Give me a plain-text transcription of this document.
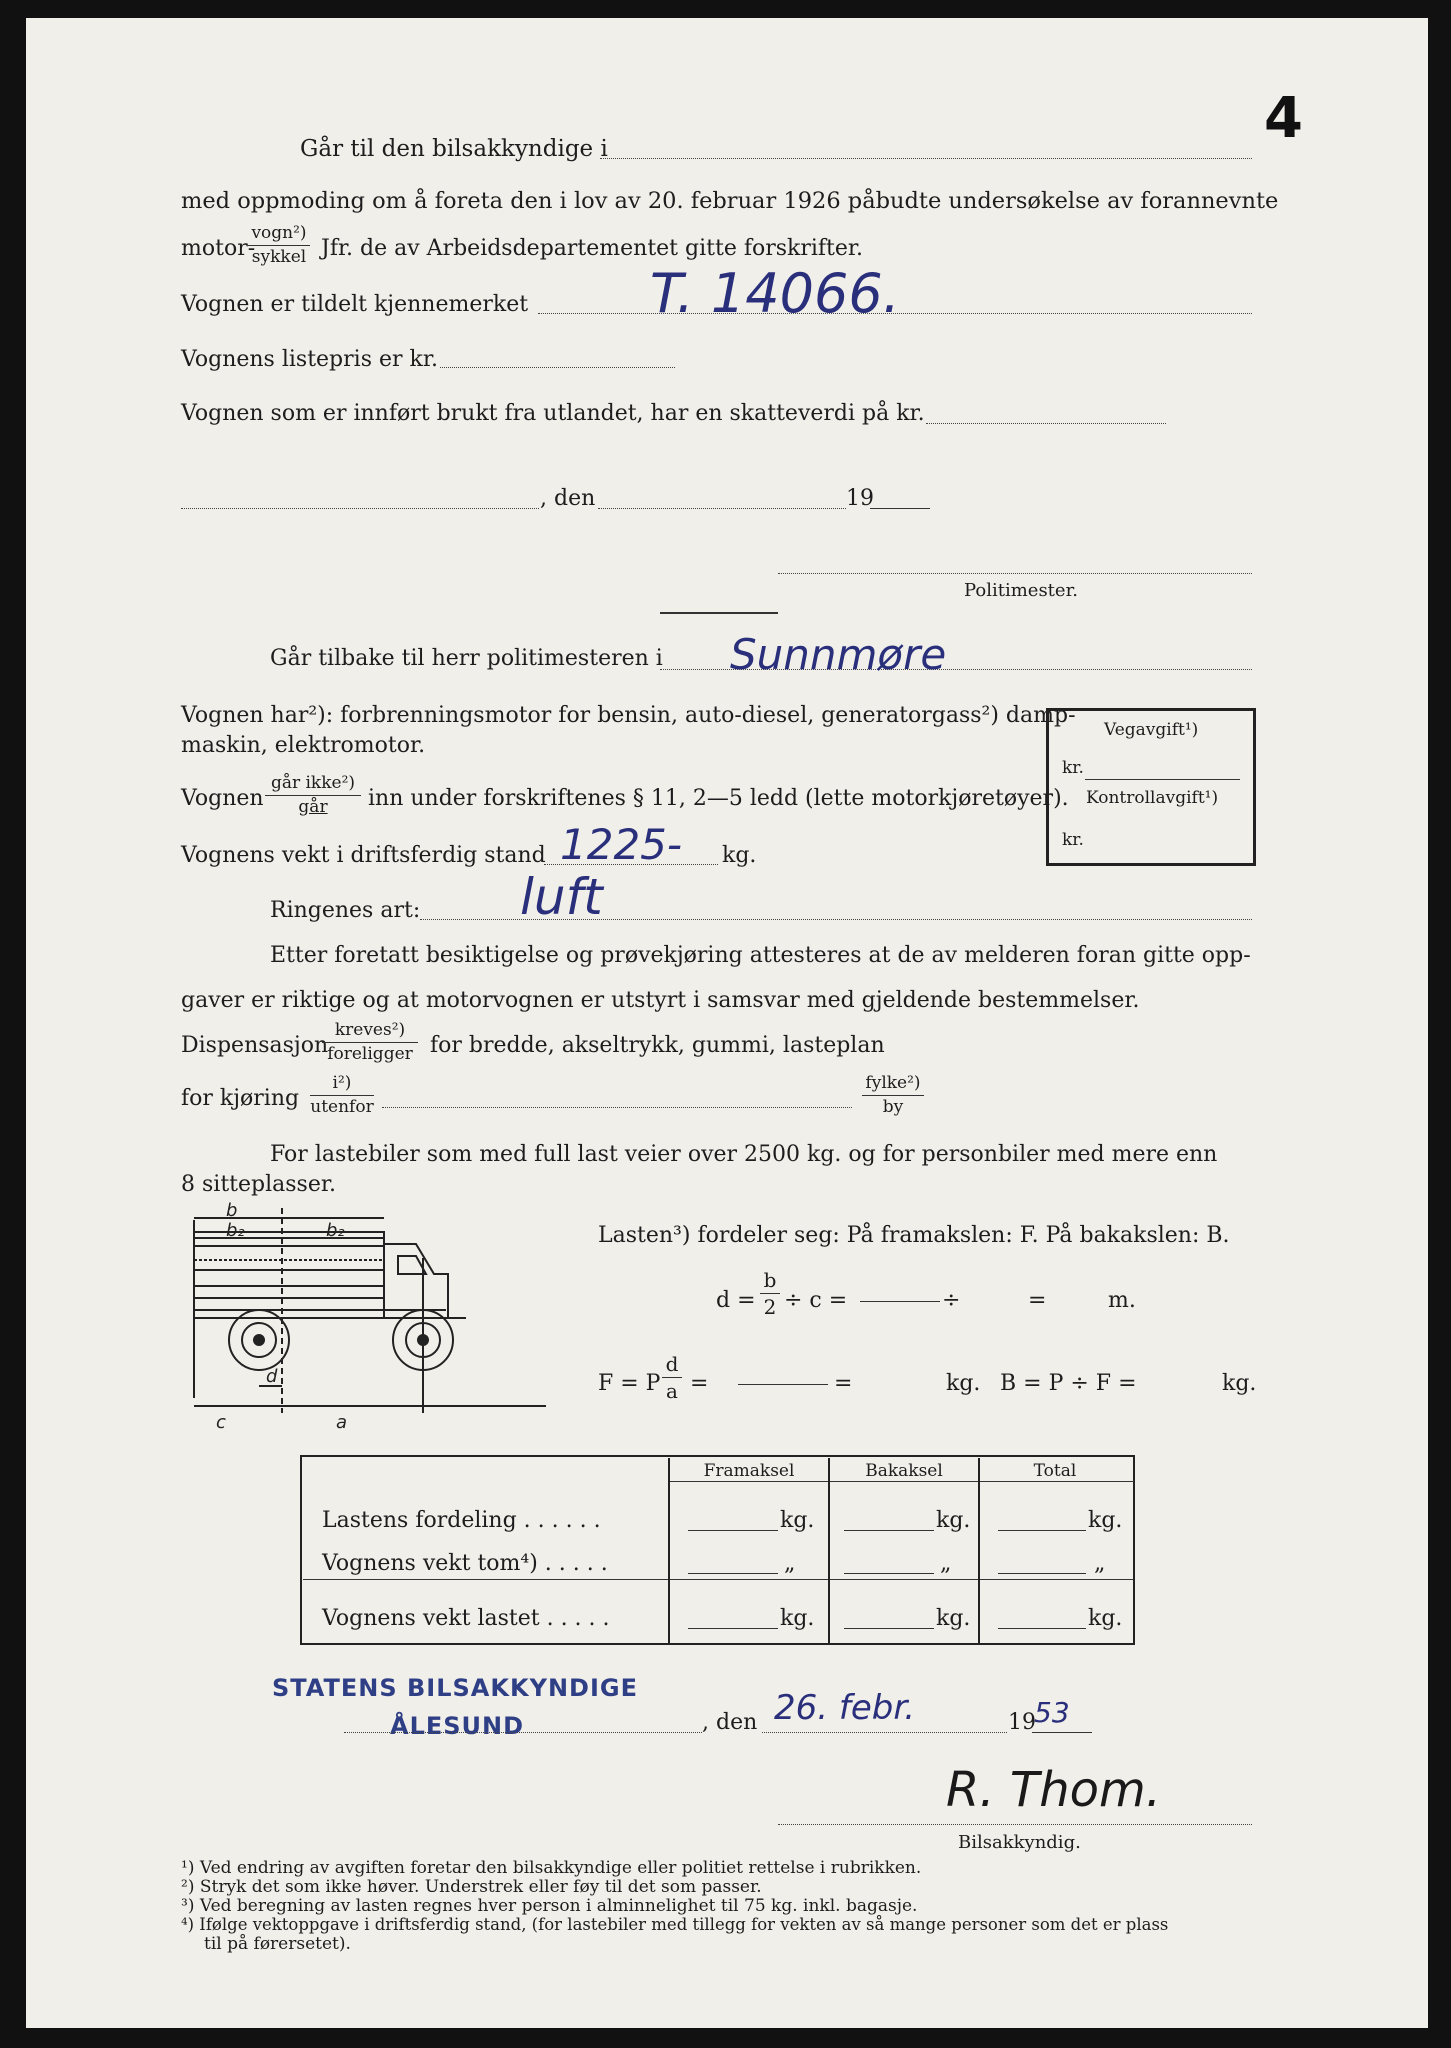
4
Går til den bilsakkyndige i
med oppmoding om å foreta den i lov av 20. februar 1926 påbudte undersøkelse av forannevnte
motor-
vogn²)
sykkel Jfr. de av Arbeidsdepartementet gitte forskrifter.
Vognen er tildelt kjennemerket T. 14066.
Vognens listepris er kr.
Vognen som er innført brukt fra utlandet, har en skatteverdi på kr.
, den	19
Politimester.
Går tilbake til herr politimesteren i Sunnmøre
Vognen har²): forbrenningsmotor for bensin, auto-diesel, generatorgass²) damp-
maskin, elektromotor.
Vegavgift¹)
kr.
Kontrollavgift¹)
kr.
Vognen
går ikke²)
går	inn under forskriftenes § 11, 2—5 ledd (lette motorkjøretøyer).
Vognens vekt i driftsferdig stand 1225- kg.
Ringenes art: luft
Etter foretatt besiktigelse og prøvekjøring attesteres at de av melderen foran gitte opp-
gaver er riktige og at motorvognen er utstyrt i samsvar med gjeldende bestemmelser.
Dispensasjon
kreves²)
foreligger for bredde, akseltrykk, gummi, lasteplan
for kjøring
i²)
utenfor
fylke²)
by
For lastebiler som med full last veier over 2500 kg. og for personbiler med mere enn
8 sitteplasser.
b
b₂	b₂
c
d
a
Lasten³) fordeler seg: På framakslen: F. På bakakslen: B.
$d = \frac{b}{2} \div c$ =	÷	=	m.
F = P $\frac{d}{a}$ =	=	kg. B = P ÷ F =	kg.
Framaksel	Bakaksel	Total
Lastens fordeling . . . . . .	kg.	kg.	kg.
Vognens vekt tom⁴) . . . . .	„	„	„
Vognens vekt lastet . . . . .	kg.	kg.	kg.
STATENS BILSAKKYNDIGE
ÅLESUND	, den 26. febr.	19
53
R. Thom.
Bilsakkyndig.
¹) Ved endring av avgiften foretar den bilsakkyndige eller politiet rettelse i rubrikken.
²) Stryk det som ikke høver. Understrek eller føy til det som passer.
³) Ved beregning av lasten regnes hver person i alminnelighet til 75 kg. inkl. bagasje.
⁴) Ifølge vektoppgave i driftsferdig stand, (for lastebiler med tillegg for vekten av så mange personer som det er plass
til på førersetet).
